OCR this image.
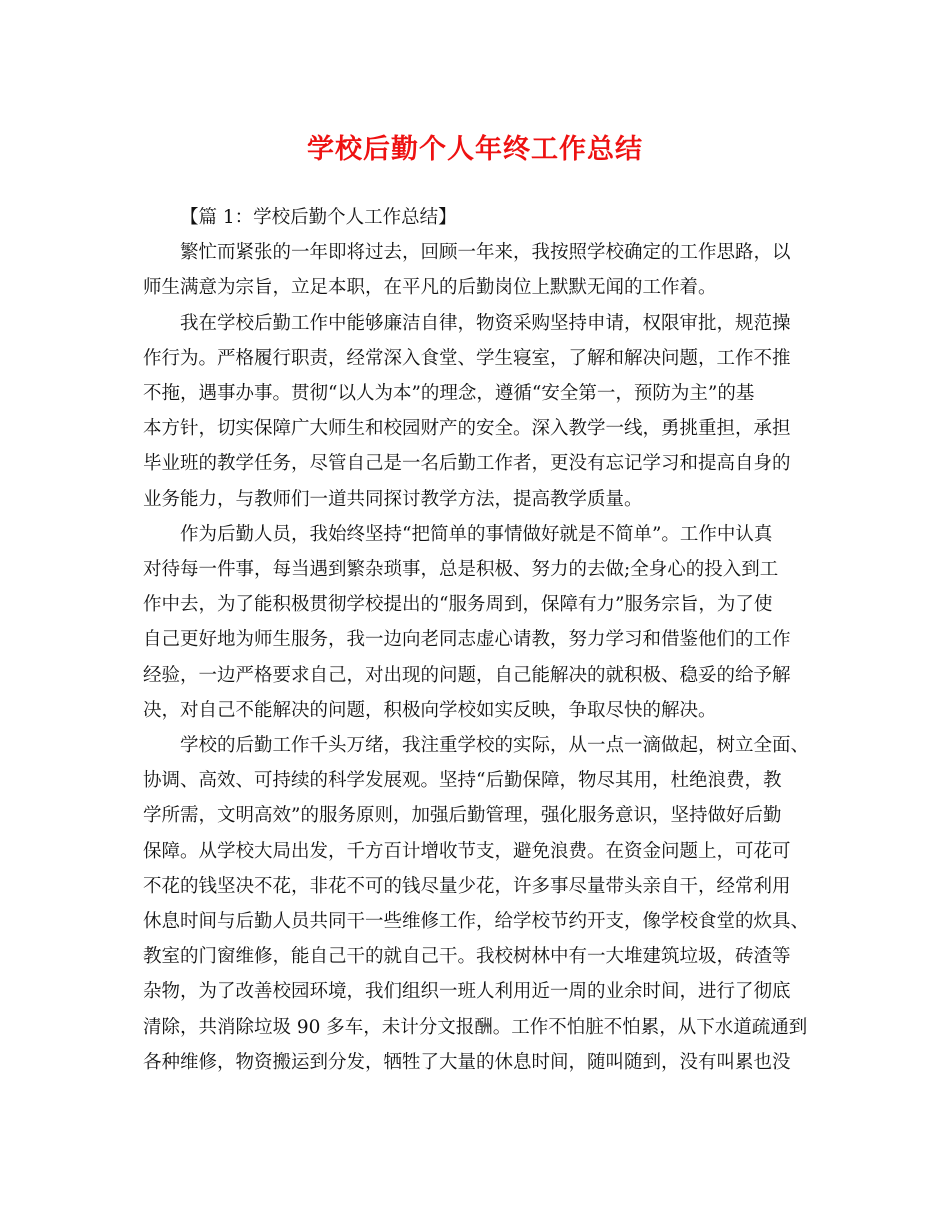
学校后勤个人年终工作总结

【篇 1：学校后勤个人工作总结】

繁忙而紧张的一年即将过去，回顾一年来，我按照学校确定的工作思路，以
师生满意为宗旨，立足本职，在平凡的后勤岗位上默默无闻的工作着。

我在学校后勤工作中能够廉洁自律，物资采购坚持申请，权限审批，规范操
作行为。严格履行职责，经常深入食堂、学生寝室，了解和解决问题，工作不推
不拖，遇事办事。贯彻“以人为本”的理念，遵循“安全第一，预防为主”的基
本方针，切实保障广大师生和校园财产的安全。深入教学一线，勇挑重担，承担
毕业班的教学任务，尽管自己是一名后勤工作者，更没有忘记学习和提高自身的
业务能力，与教师们一道共同探讨教学方法，提高教学质量。

作为后勤人员，我始终坚持“把简单的事情做好就是不简单”。工作中认真
对待每一件事，每当遇到繁杂琐事，总是积极、努力的去做;全身心的投入到工
作中去，为了能积极贯彻学校提出的“服务周到，保障有力”服务宗旨，为了使
自己更好地为师生服务，我一边向老同志虚心请教，努力学习和借鉴他们的工作
经验，一边严格要求自己，对出现的问题，自己能解决的就积极、稳妥的给予解
决，对自己不能解决的问题，积极向学校如实反映，争取尽快的解决。

学校的后勤工作千头万绪，我注重学校的实际，从一点一滴做起，树立全面、
协调、高效、可持续的科学发展观。坚持“后勤保障，物尽其用，杜绝浪费，教
学所需，文明高效”的服务原则，加强后勤管理，强化服务意识，坚持做好后勤
保障。从学校大局出发，千方百计增收节支，避免浪费。在资金问题上，可花可
不花的钱坚决不花，非花不可的钱尽量少花，许多事尽量带头亲自干，经常利用
休息时间与后勤人员共同干一些维修工作，给学校节约开支，像学校食堂的炊具、
教室的门窗维修，能自己干的就自己干。我校树林中有一大堆建筑垃圾，砖渣等
杂物，为了改善校园环境，我们组织一班人利用近一周的业余时间，进行了彻底
清除，共消除垃圾 90 多车，未计分文报酬。工作不怕脏不怕累，从下水道疏通到
各种维修，物资搬运到分发，牺牲了大量的休息时间，随叫随到，没有叫累也没
